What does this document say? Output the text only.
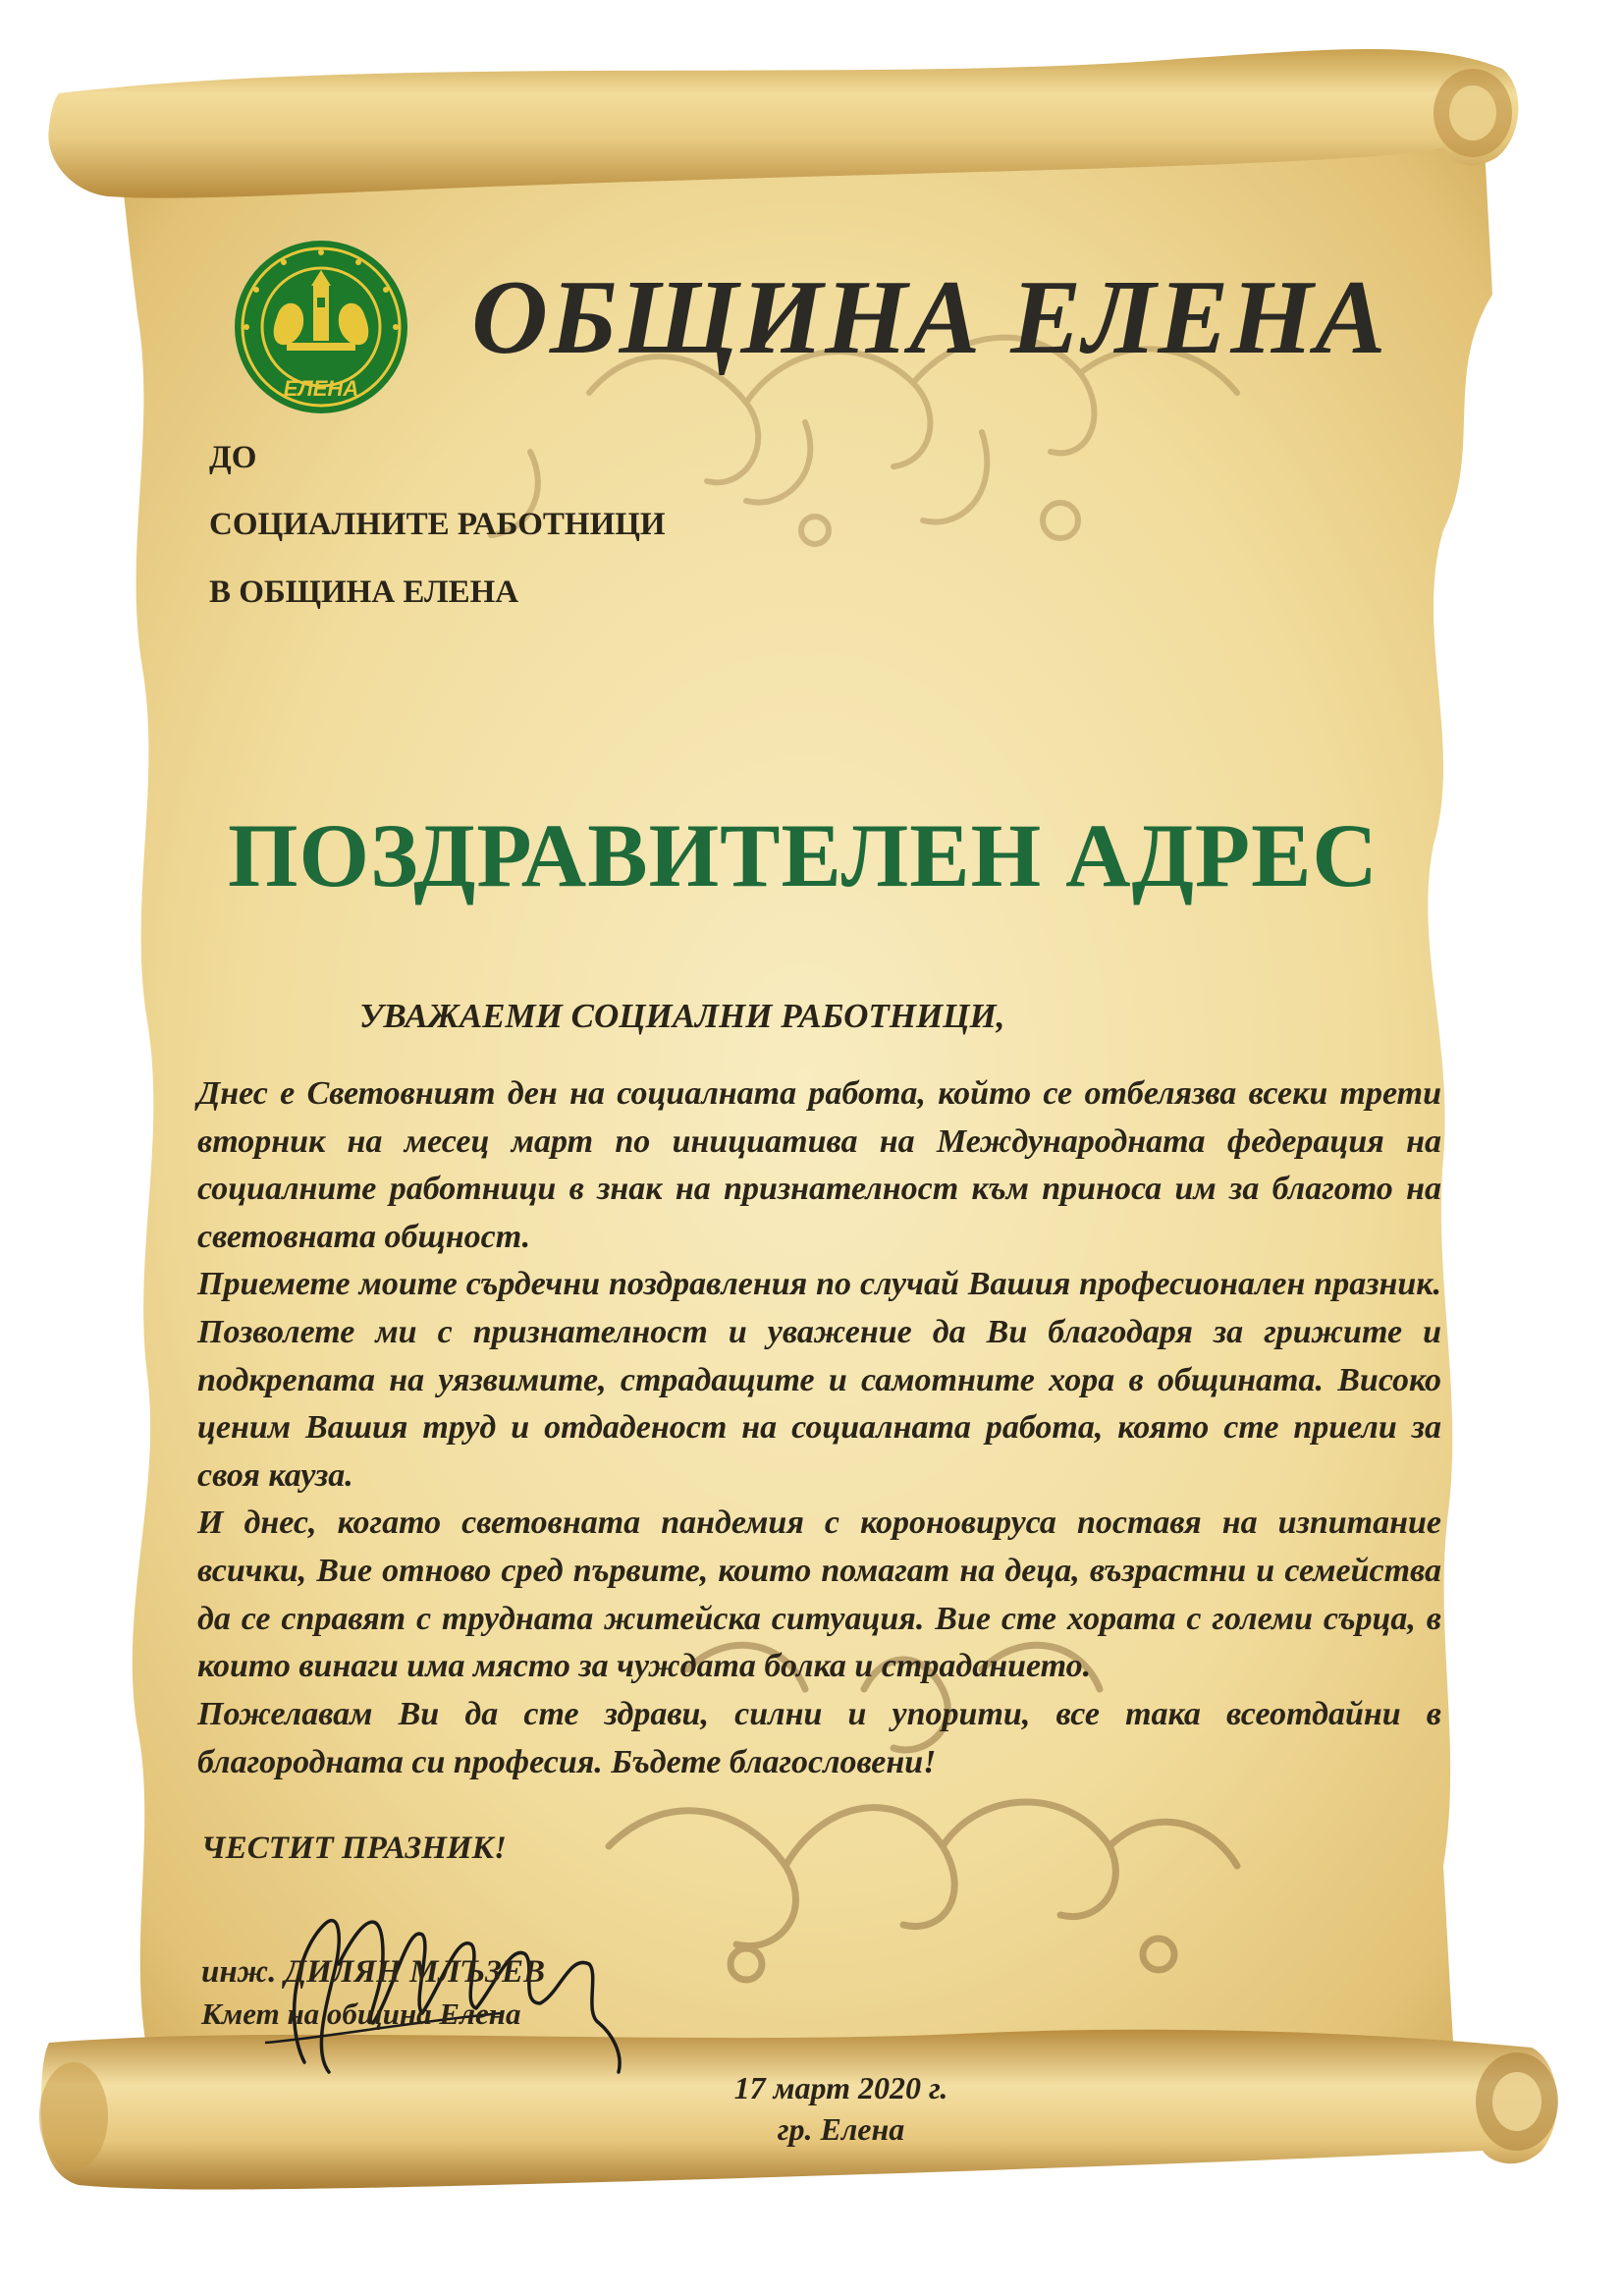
ЕЛЕНА
ОБЩИНА ЕЛЕНА
ДО
СОЦИАЛНИТЕ РАБОТНИЦИ
В ОБЩИНА ЕЛЕНА
ПОЗДРАВИТЕЛЕН АДРЕС
УВАЖАЕМИ СОЦИАЛНИ РАБОТНИЦИ,

Днес е Световният ден на социалната работа, който се отбелязва всеки трети вторник на месец март по инициатива на Международната федерация на социалните работници в знак на признателност към приноса им за благото на световната общност.

Приемете моите сърдечни поздравления по случай Вашия професионален празник. Позволете ми с признателност и уважение да Ви благодаря за грижите и подкрепата на уязвимите, страдащите и самотните хора в общината. Високо ценим Вашия труд и отдаденост на социалната работа, която сте приели за своя кауза.

И днес, когато световната пандемия с короновируса поставя на изпитание всички, Вие отново сред първите, които помагат на деца, възрастни и семейства да се справят с трудната житейска ситуация. Вие сте хората с големи сърца, в които винаги има място за чуждата болка и страданието.

Пожелавам Ви да сте здрави, силни и упорити, все така всеотдайни в благородната си професия. Бъдете благословени!

ЧЕСТИТ ПРАЗНИК!
инж. ДИЛЯН МЛЪЗЕВ
Кмет на община Елена
17 март 2020 г.
гр. Елена
